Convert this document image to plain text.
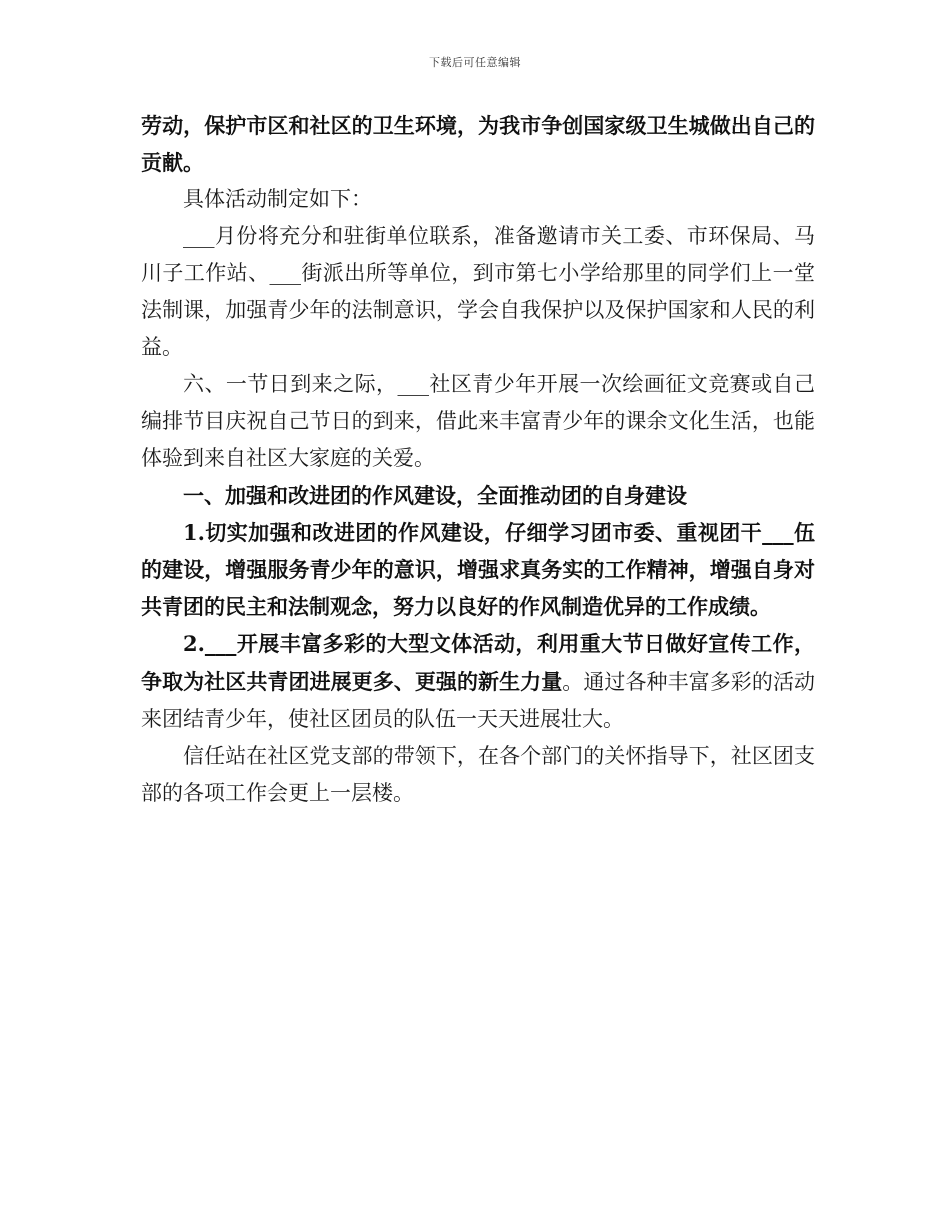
下载后可任意编辑

劳动，保护市区和社区的卫生环境，为我市争创国家级卫生城做出自己的贡献。

具体活动制定如下：

___月份将充分和驻街单位联系，准备邀请市关工委、市环保局、马川子工作站、___街派出所等单位，到市第七小学给那里的同学们上一堂法制课，加强青少年的法制意识，学会自我保护以及保护国家和人民的利益。

六、一节日到来之际，___社区青少年开展一次绘画征文竞赛或自己编排节目庆祝自己节日的到来，借此来丰富青少年的课余文化生活，也能体验到来自社区大家庭的关爱。

一、加强和改进团的作风建设，全面推动团的自身建设

1.切实加强和改进团的作风建设，仔细学习团市委、重视团干___伍的建设，增强服务青少年的意识，增强求真务实的工作精神，增强自身对共青团的民主和法制观念，努力以良好的作风制造优异的工作成绩。

2.___开展丰富多彩的大型文体活动，利用重大节日做好宣传工作，争取为社区共青团进展更多、更强的新生力量。通过各种丰富多彩的活动来团结青少年，使社区团员的队伍一天天进展壮大。

信任站在社区党支部的带领下，在各个部门的关怀指导下，社区团支部的各项工作会更上一层楼。
